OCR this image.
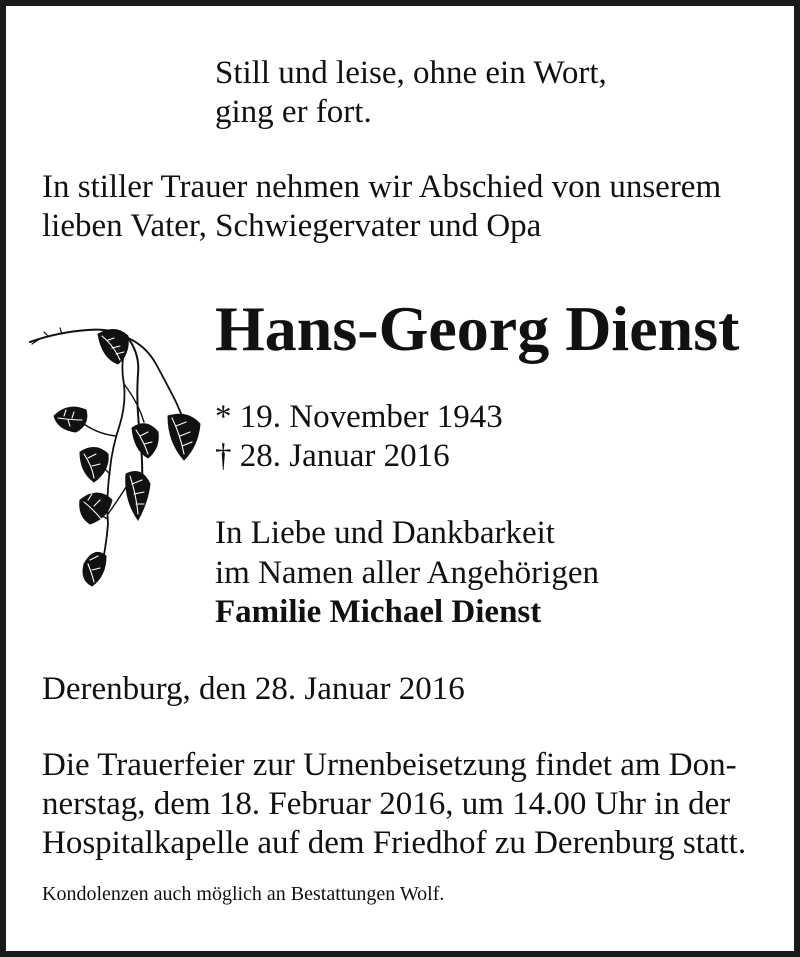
Still und leise, ohne ein Wort,

ging er fort.

In stiller Trauer nehmen wir Abschied von unserem

lieben Vater, Schwiegervater und Opa

Hans-Georg Dienst

* 19. November 1943

† 28. Januar 2016

In Liebe und Dankbarkeit

im Namen aller Angehörigen

Familie Michael Dienst

Derenburg, den 28. Januar 2016

Die Trauerfeier zur Urnenbeisetzung findet am Don-

nerstag, dem 18. Februar 2016, um 14.00 Uhr in der

Hospitalkapelle auf dem Friedhof zu Derenburg statt.

Kondolenzen auch möglich an Bestattungen Wolf.
